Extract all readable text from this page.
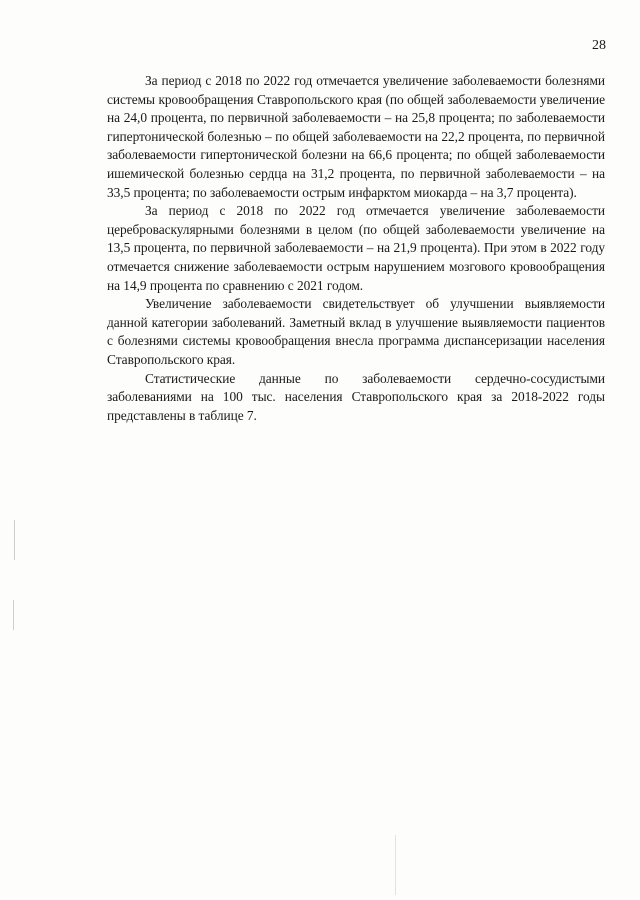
28

За период с 2018 по 2022 год отмечается увеличение заболеваемости болезнями системы кровообращения Ставропольского края (по общей заболеваемости увеличение на 24,0 процента, по первичной заболеваемости – на 25,8 процента; по заболеваемости гипертонической болезнью – по общей заболеваемости на 22,2 процента, по первичной заболеваемости гипертонической болезни на 66,6 процента; по общей заболеваемости ишемической болезнью сердца на 31,2 процента, по первичной заболеваемости – на 33,5 процента; по заболеваемости острым инфарктом миокарда – на 3,7 процента).

За период с 2018 по 2022 год отмечается увеличение заболеваемости цереброваскулярными болезнями в целом (по общей заболеваемости увеличение на 13,5 процента, по первичной заболеваемости – на 21,9 процента). При этом в 2022 году отмечается снижение заболеваемости острым нарушением мозгового кровообращения на 14,9 процента по сравнению с 2021 годом.

Увеличение заболеваемости свидетельствует об улучшении выявляемости данной категории заболеваний. Заметный вклад в улучшение выявляемости пациентов с болезнями системы кровообращения внесла программа диспансеризации населения Ставропольского края.

Статистические данные по заболеваемости сердечно-сосудистыми заболеваниями на 100 тыс. населения Ставропольского края за 2018-2022 годы представлены в таблице 7.
